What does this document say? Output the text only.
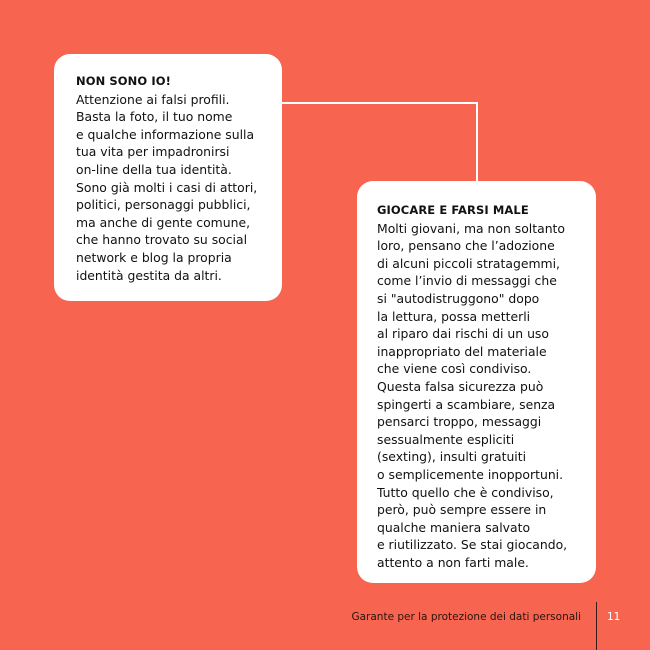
NON SONO IO!
Attenzione ai falsi profili.
Basta la foto, il tuo nome
e qualche informazione sulla
tua vita per impadronirsi
on-line della tua identità.
Sono già molti i casi di attori,
politici, personaggi pubblici,
ma anche di gente comune,
che hanno trovato su social
network e blog la propria
identità gestita da altri.
GIOCARE E FARSI MALE
Molti giovani, ma non soltanto
loro, pensano che l’adozione
di alcuni piccoli stratagemmi,
come l’invio di messaggi che
si "autodistruggono" dopo
la lettura, possa metterli
al riparo dai rischi di un uso
inappropriato del materiale
che viene così condiviso.
Questa falsa sicurezza può
spingerti a scambiare, senza
pensarci troppo, messaggi
sessualmente espliciti
(sexting), insulti gratuiti
o semplicemente inopportuni.
Tutto quello che è condiviso,
però, può sempre essere in
qualche maniera salvato
e riutilizzato. Se stai giocando,
attento a non farti male.
Garante per la protezione dei dati personali 11
